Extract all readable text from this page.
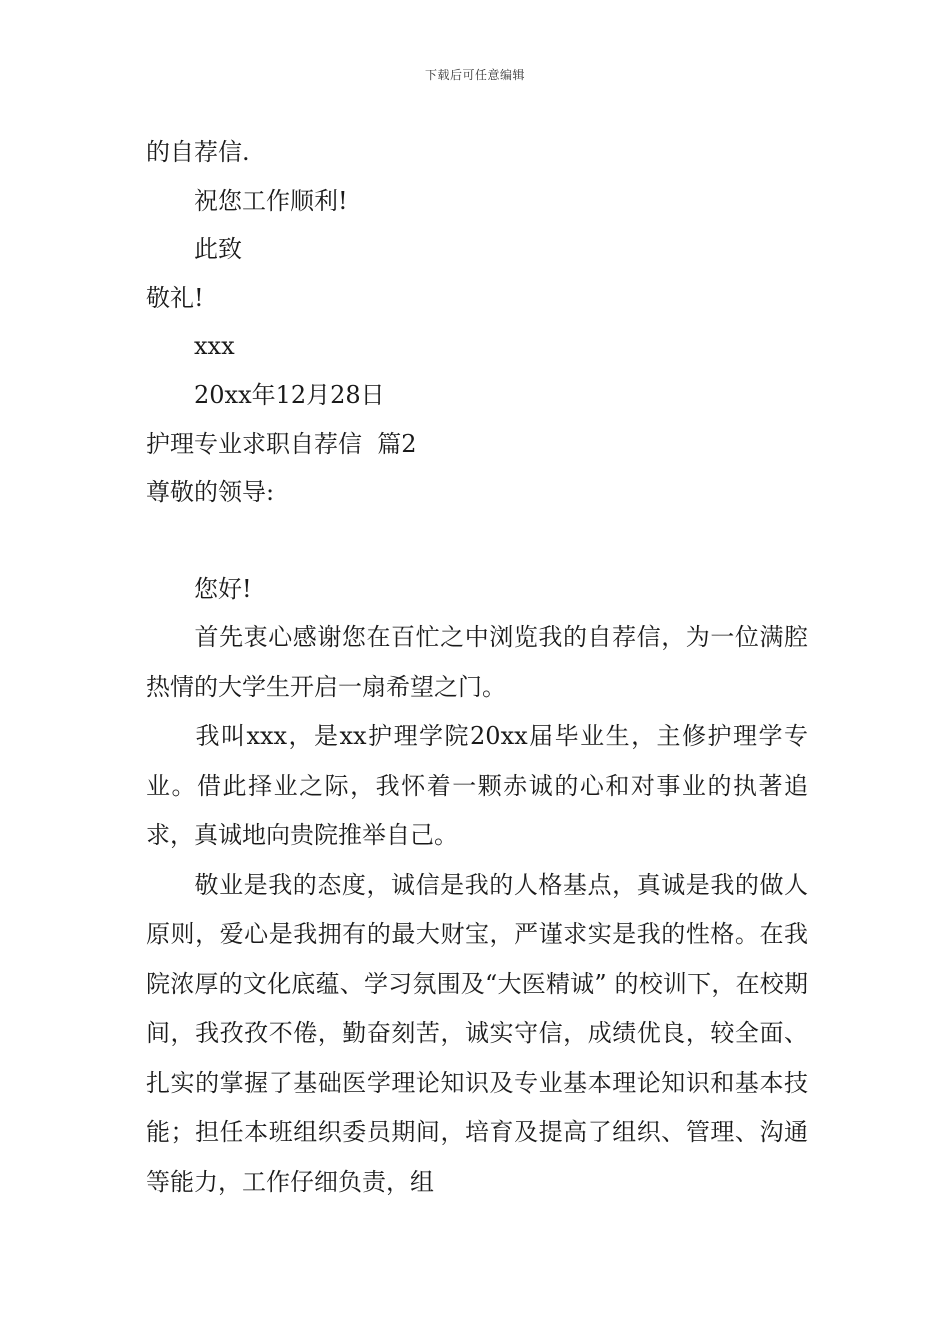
下载后可任意编辑
的自荐信.
祝您工作顺利!
此致
敬礼!
xxx
20xx年12月28日
护理专业求职自荐信  篇2
尊敬的领导:
您好!

首先衷心感谢您在百忙之中浏览我的自荐信，为一位满腔热情的大学生开启一扇希望之门。

我叫xxx，是xx护理学院20xx届毕业生，主修护理学专业。借此择业之际，我怀着一颗赤诚的心和对事业的执著追求，真诚地向贵院推举自己。

敬业是我的态度，诚信是我的人格基点，真诚是我的做人原则，爱心是我拥有的最大财宝，严谨求实是我的性格。在我院浓厚的文化底蕴、学习氛围及“大医精诚” 的校训下，在校期间，我孜孜不倦，勤奋刻苦，诚实守信，成绩优良，较全面、扎实的掌握了基础医学理论知识及专业基本理论知识和基本技能；担任本班组织委员期间，培育及提高了组织、管理、沟通等能力，工作仔细负责，组
